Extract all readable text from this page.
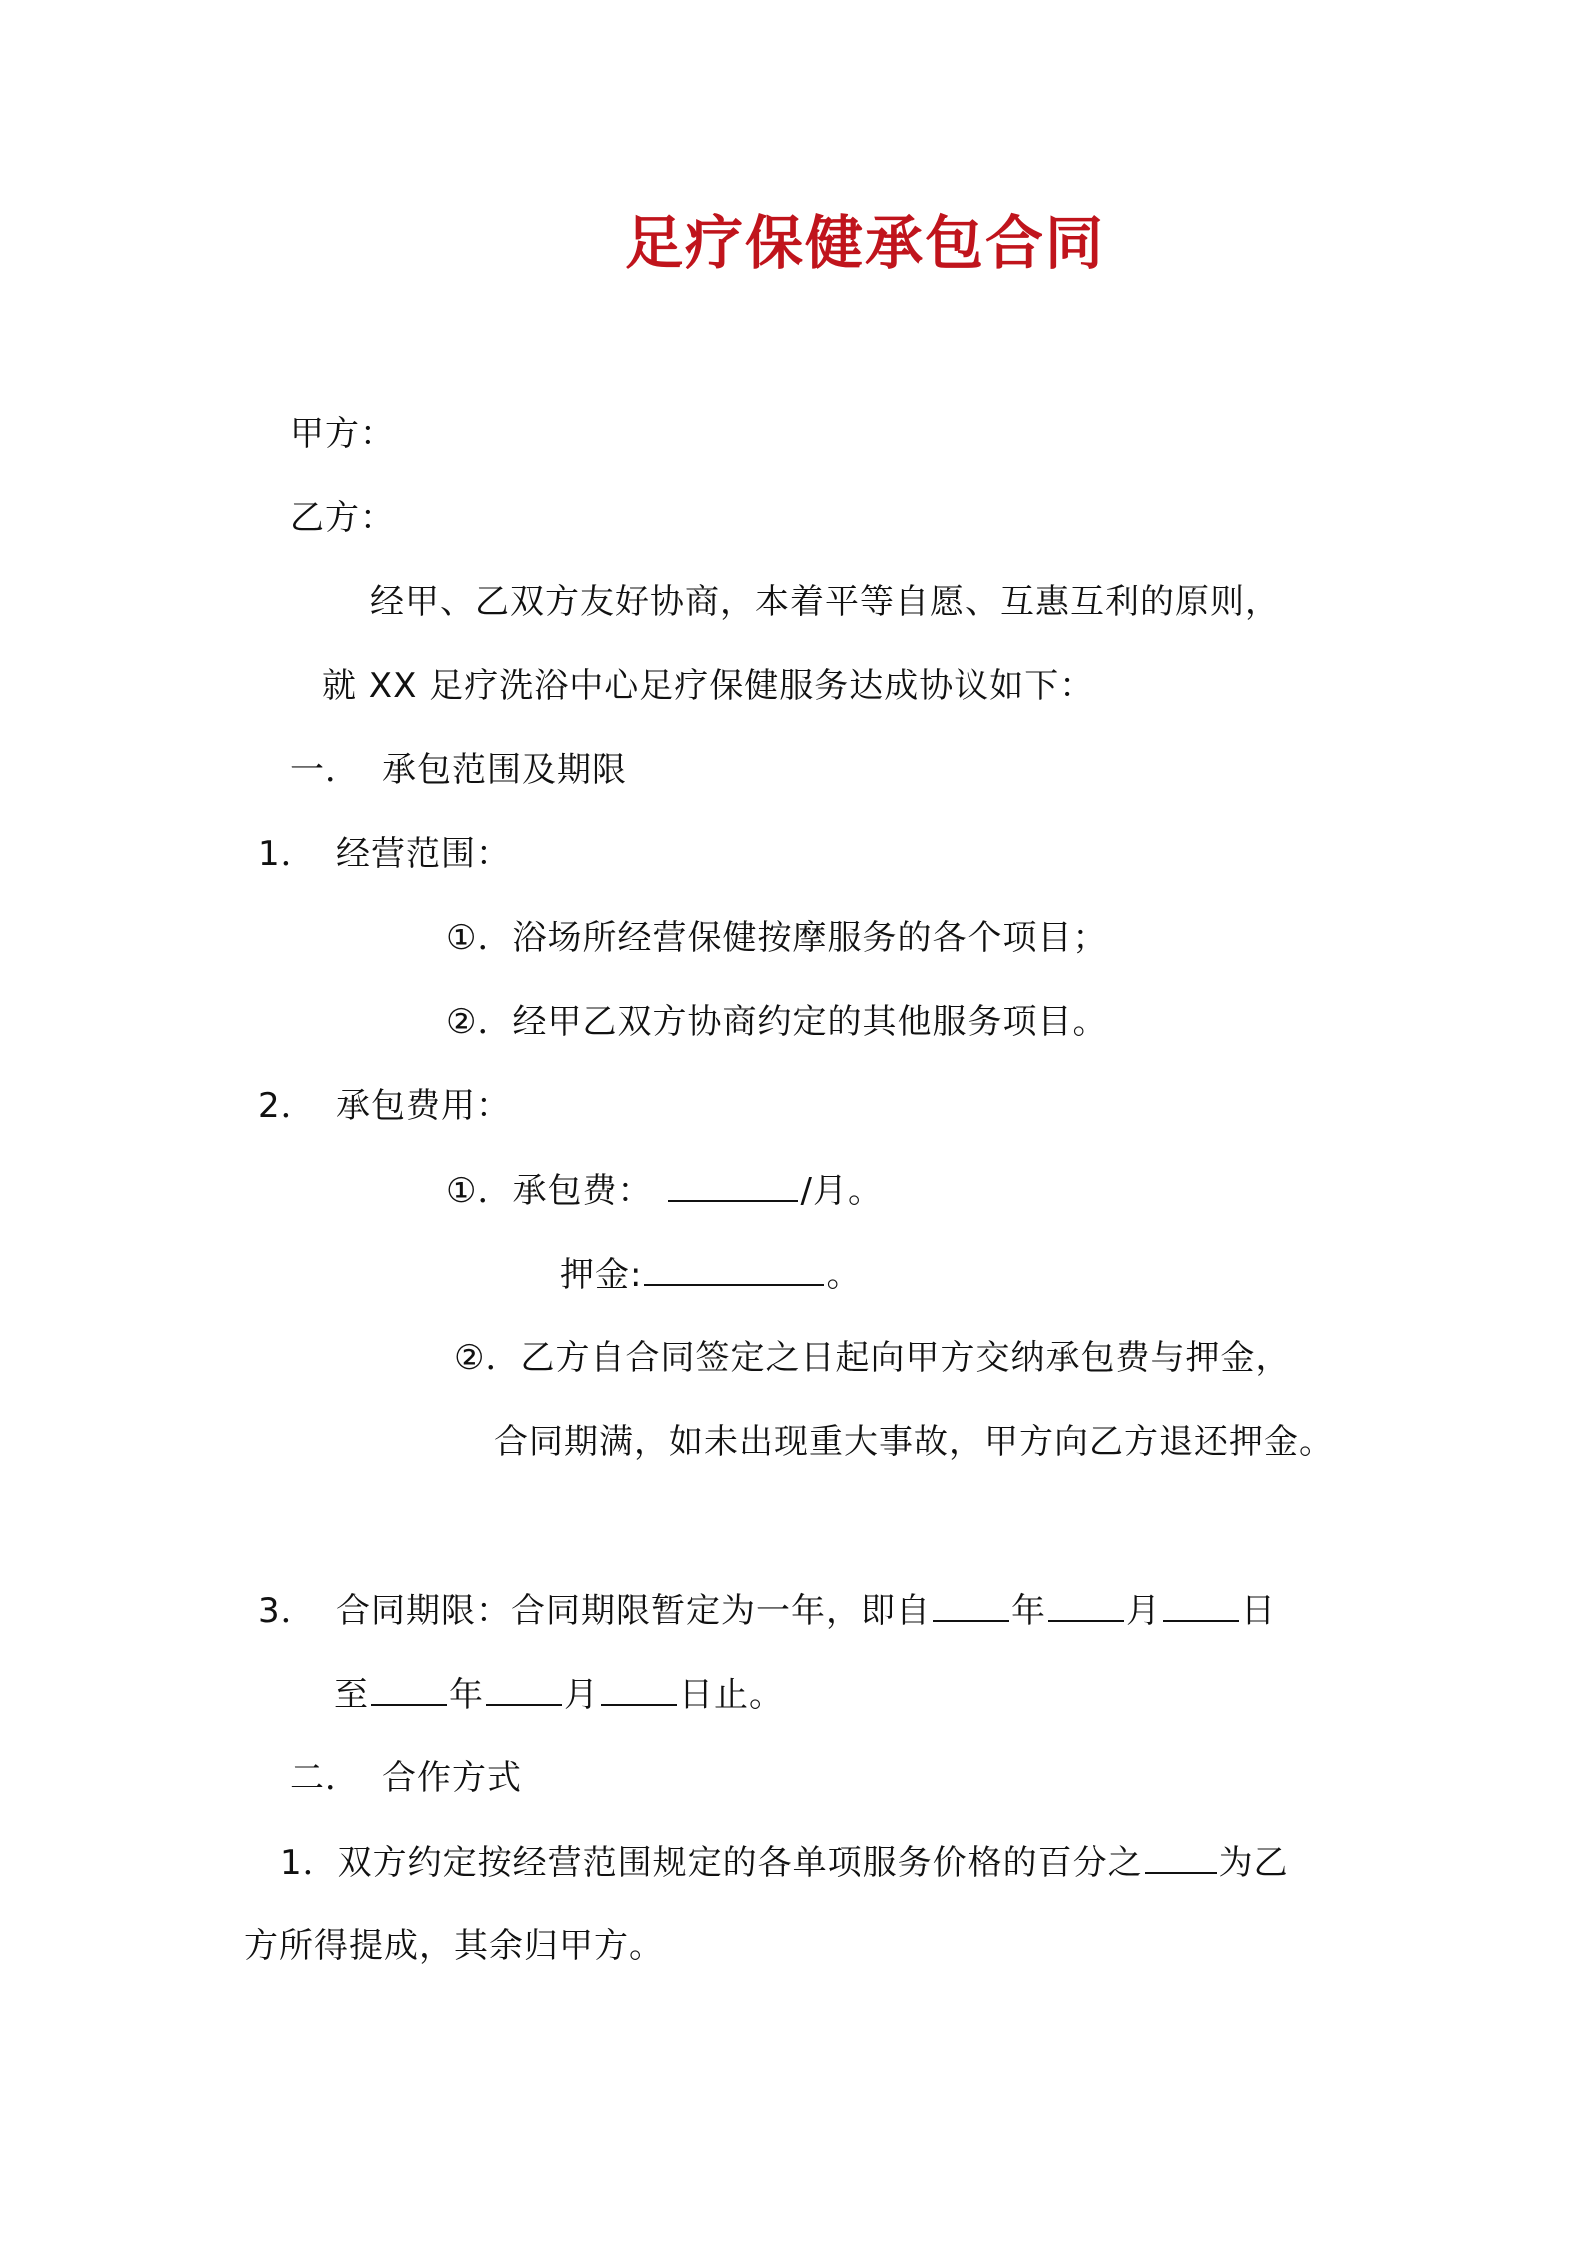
足疗保健承包合同
甲方：
乙方：
经甲、乙双方友好协商，本着平等自愿、互惠互利的原则，
就 XX 足疗洗浴中心足疗保健服务达成协议如下：
一． 承包范围及期限
1． 经营范围：
①．浴场所经营保健按摩服务的各个项目；
②．经甲乙双方协商约定的其他服务项目。
2． 承包费用：
①．承包费：	/月。
押金:	。
②．乙方自合同签定之日起向甲方交纳承包费与押金，
合同期满，如未出现重大事故，甲方向乙方退还押金。
3． 合同期限：合同期限暂定为一年，即自 年 月 日
至 年 月 日止。
二． 合作方式
1．双方约定按经营范围规定的各单项服务价格的百分之 为乙
方所得提成，其余归甲方。
